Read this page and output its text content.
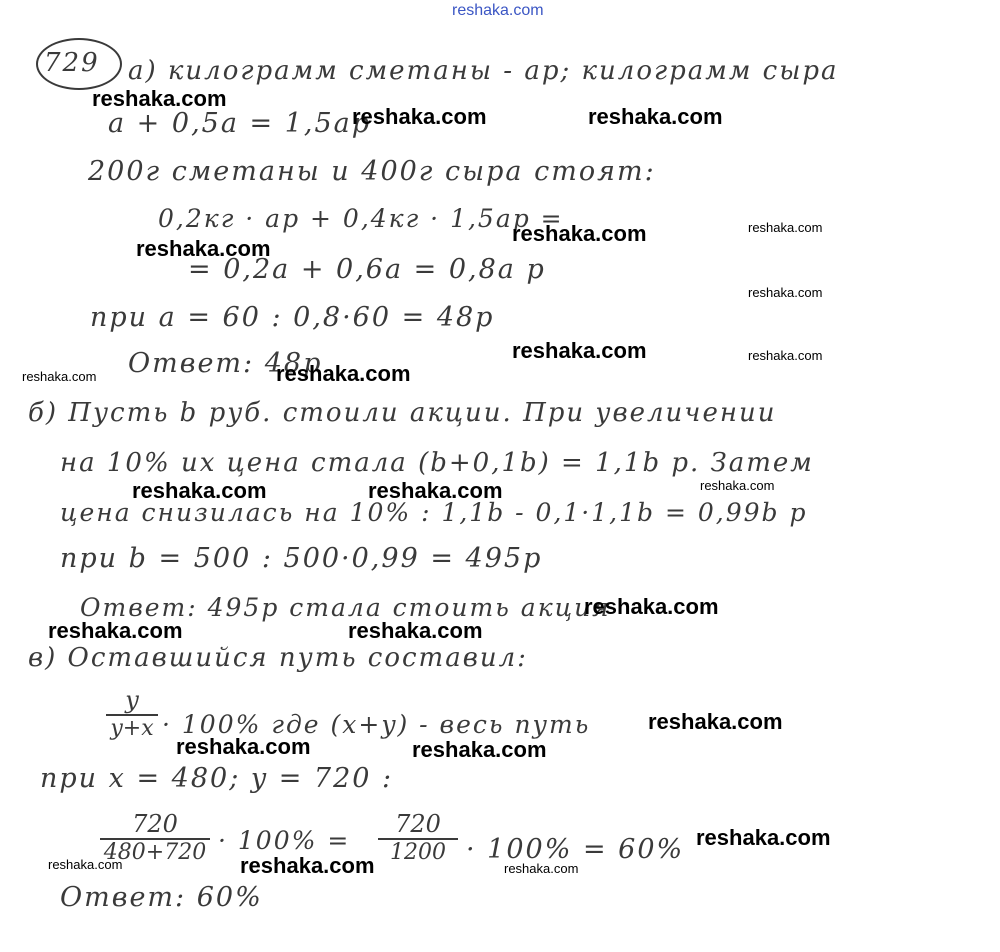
reshaka.com
729 а) килограмм сметаны - ар; килограмм сыра
a + 0,5a = 1,5ap
200г сметаны и 400г сыра стоят:
0,2кг · ар + 0,4кг · 1,5ар =
= 0,2а + 0,6а = 0,8а р
при а = 60 : 0,8·60 = 48р
Ответ: 48р
б) Пусть b руб. стоили акции. При увеличении
на 10% их цена стала (b+0,1b) = 1,1b р. Затем
цена снизилась на 10% : 1,1b - 0,1·1,1b = 0,99b р
при b = 500 : 500·0,99 = 495р
Ответ: 495р стала стоить акция
в) Оставшийся путь составил:
y
y+x · 100% где (x+y) - весь путь
при x = 480; y = 720 :
720
480+720 · 100% =
720
1200 · 100% = 60%
Ответ: 60%
reshaka.com
reshaka.com	reshaka.com
reshaka.com	reshaka.com
reshaka.com
reshaka.com
reshaka.com	reshaka.com
reshaka.com	reshaka.com
reshaka.com	reshaka.com	reshaka.com
reshaka.com
reshaka.com	reshaka.com
reshaka.com
reshaka.com	reshaka.com
reshaka.com
reshaka.com	reshaka.com	reshaka.com
